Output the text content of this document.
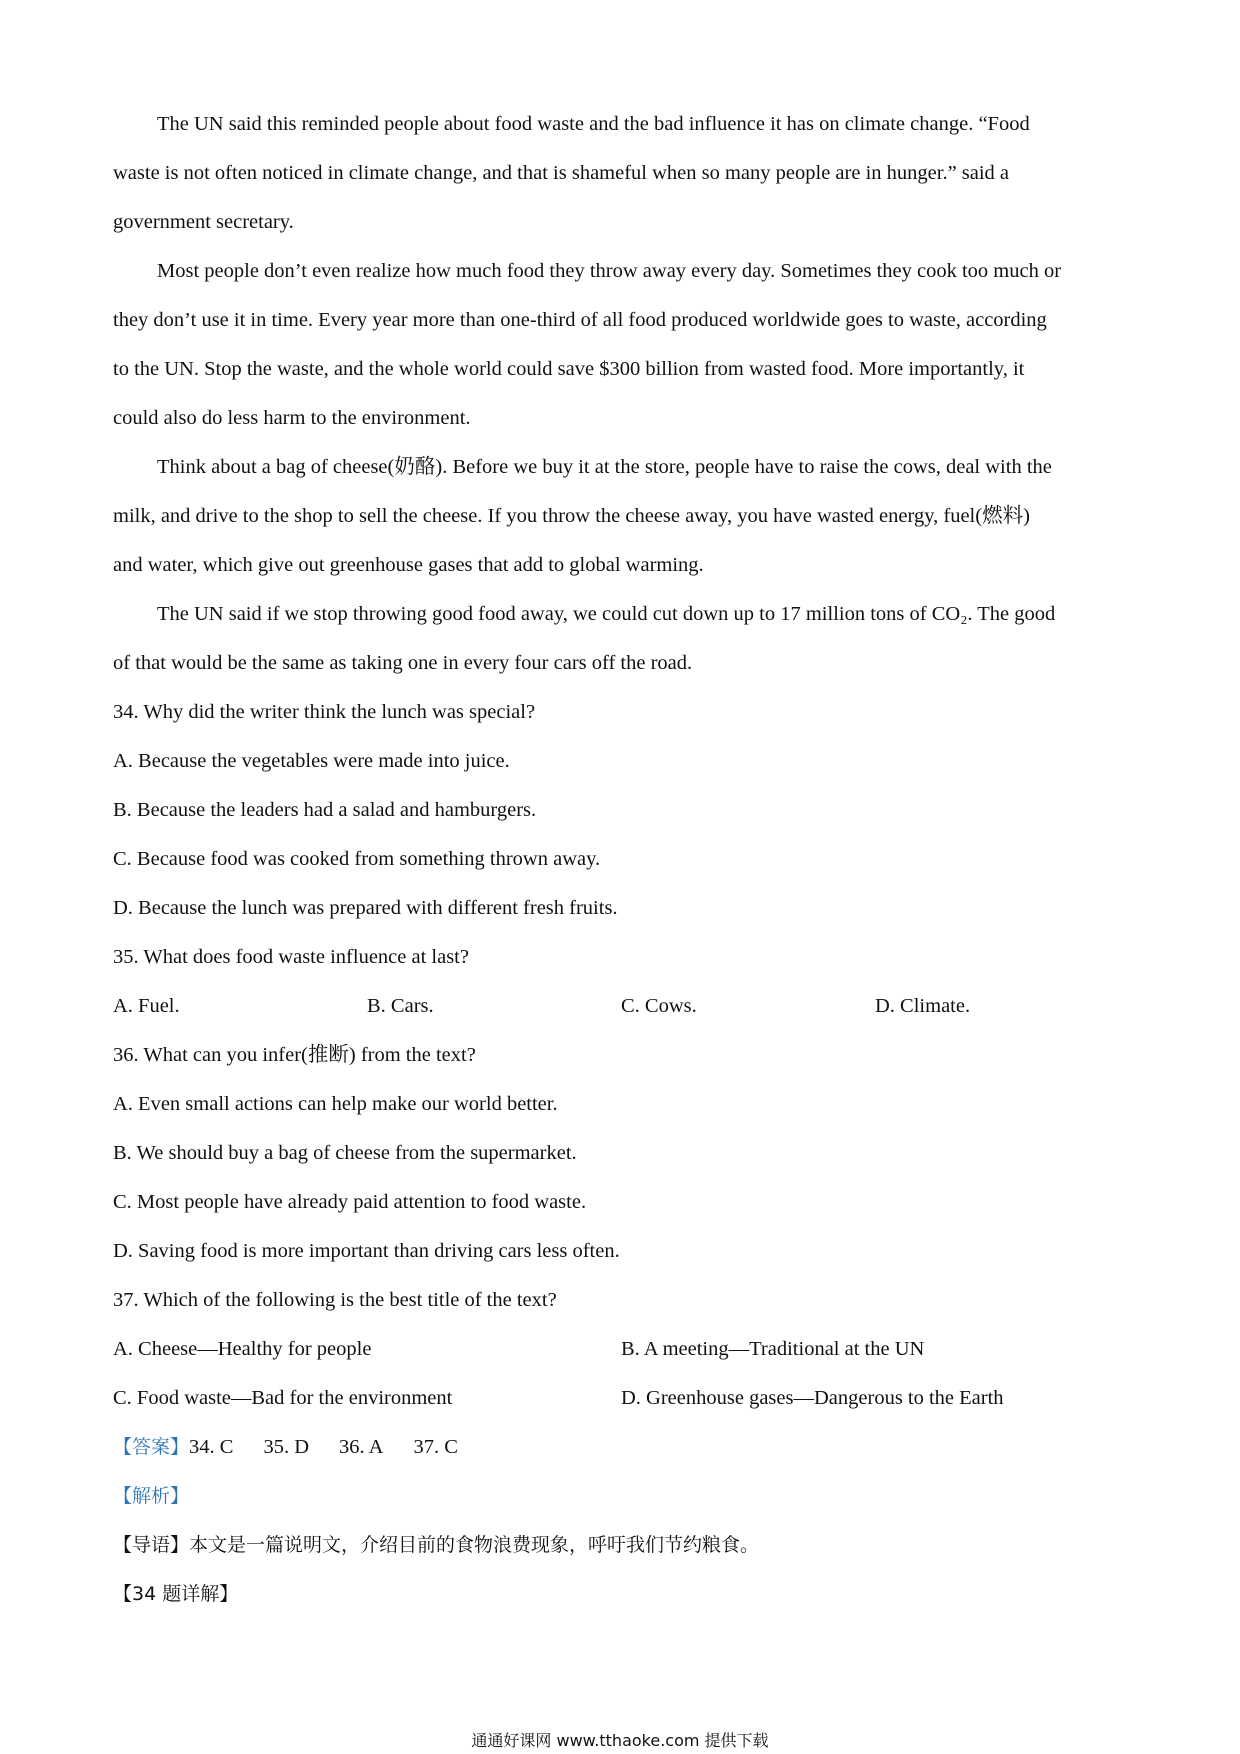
The UN said this reminded people about food waste and the bad influence it has on climate change. “Food
waste is not often noticed in climate change, and that is shameful when so many people are in hunger.” said a
government secretary.
Most people don’t even realize how much food they throw away every day. Sometimes they cook too much or
they don’t use it in time. Every year more than one-third of all food produced worldwide goes to waste, according
to the UN. Stop the waste, and the whole world could save $300 billion from wasted food. More importantly, it
could also do less harm to the environment.
Think about a bag of cheese(奶酪). Before we buy it at the store, people have to raise the cows, deal with the
milk, and drive to the shop to sell the cheese. If you throw the cheese away, you have wasted energy, fuel(燃料)
and water, which give out greenhouse gases that add to global warming.
The UN said if we stop throwing good food away, we could cut down up to 17 million tons of CO₂. The good
of that would be the same as taking one in every four cars off the road.
34. Why did the writer think the lunch was special?
A. Because the vegetables were made into juice.
B. Because the leaders had a salad and hamburgers.
C. Because food was cooked from something thrown away.
D. Because the lunch was prepared with different fresh fruits.
35. What does food waste influence at last?
A. Fuel.	B. Cars.	C. Cows.	D. Climate.
36. What can you infer(推断) from the text?
A. Even small actions can help make our world better.
B. We should buy a bag of cheese from the supermarket.
C. Most people have already paid attention to food waste.
D. Saving food is more important than driving cars less often.
37. Which of the following is the best title of the text?
A. Cheese—Healthy for people	B. A meeting—Traditional at the UN
C. Food waste—Bad for the environment	D. Greenhouse gases—Dangerous to the Earth
【答案】34. C 35. D 36. A 37. C
【解析】
【导语】本文是一篇说明文，介绍目前的食物浪费现象，呼吁我们节约粮食。
【34 题详解】
通通好课网 www.tthaoke.com 提供下载
